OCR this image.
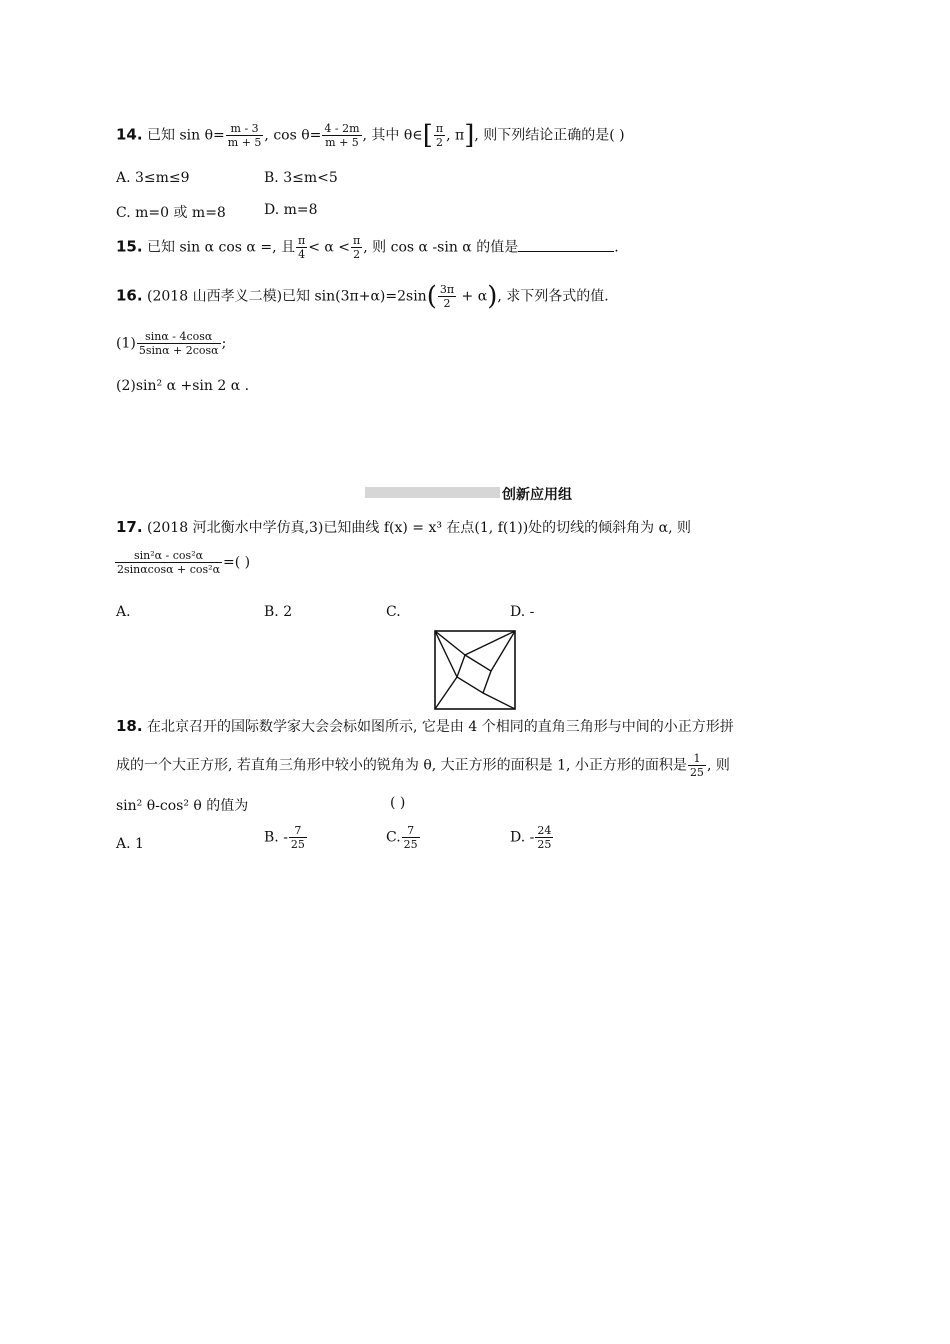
14. 已知 $\sin \theta= \frac{m - 3}{m + 5}$ , $\cos \theta= \frac{4 - 2m}{m + 5}$ , 其中 θ∈[ $\frac{\pi}{2}$ , π], 则下列结论正确的是( )
A. 3≤m≤9	B. 3≤m<5
C. m=0 或 m=8	D. m=8
15. 已知 sin α cos α =, 且 $\frac{\pi}{4} < \alpha < \frac{\pi}{2}$ , 则 cos α -sin α 的值是	.
16. (2018 山西孝义二模)已知 $\sin(3\pi+\alpha)=2\sin( \frac{3\pi}{2} + \alpha)$, 求下列各式的值.
$(1) \frac{\sin\alpha - 4\cos\alpha}{5\sin\alpha + 2\cos\alpha}$ ;
(2)sin² α +sin 2 α .
创新应用组
17. (2018 河北衡水中学仿真,3)已知曲线 f(x) = x³ 在点(1, f(1))处的切线的倾斜角为 α, 则
$\frac{\text{sin²α - cos²α}}{\text{2sinαcosα + cos²α}}$ =( )
A.	B. 2	C.	D. -
18. 在北京召开的国际数学家大会会标如图所示, 它是由 4 个相同的直角三角形与中间的小正方形拼
成的一个大正方形, 若直角三角形中较小的锐角为 θ, 大正方形的面积是 1, 小正方形的面积是 $\frac{1}{25}$ , 则
sin² θ-cos² θ 的值为	( )
A. 1	B. - $\frac{7}{25}$	C. $\frac{7}{25}$	D. - $\frac{24}{25}$
